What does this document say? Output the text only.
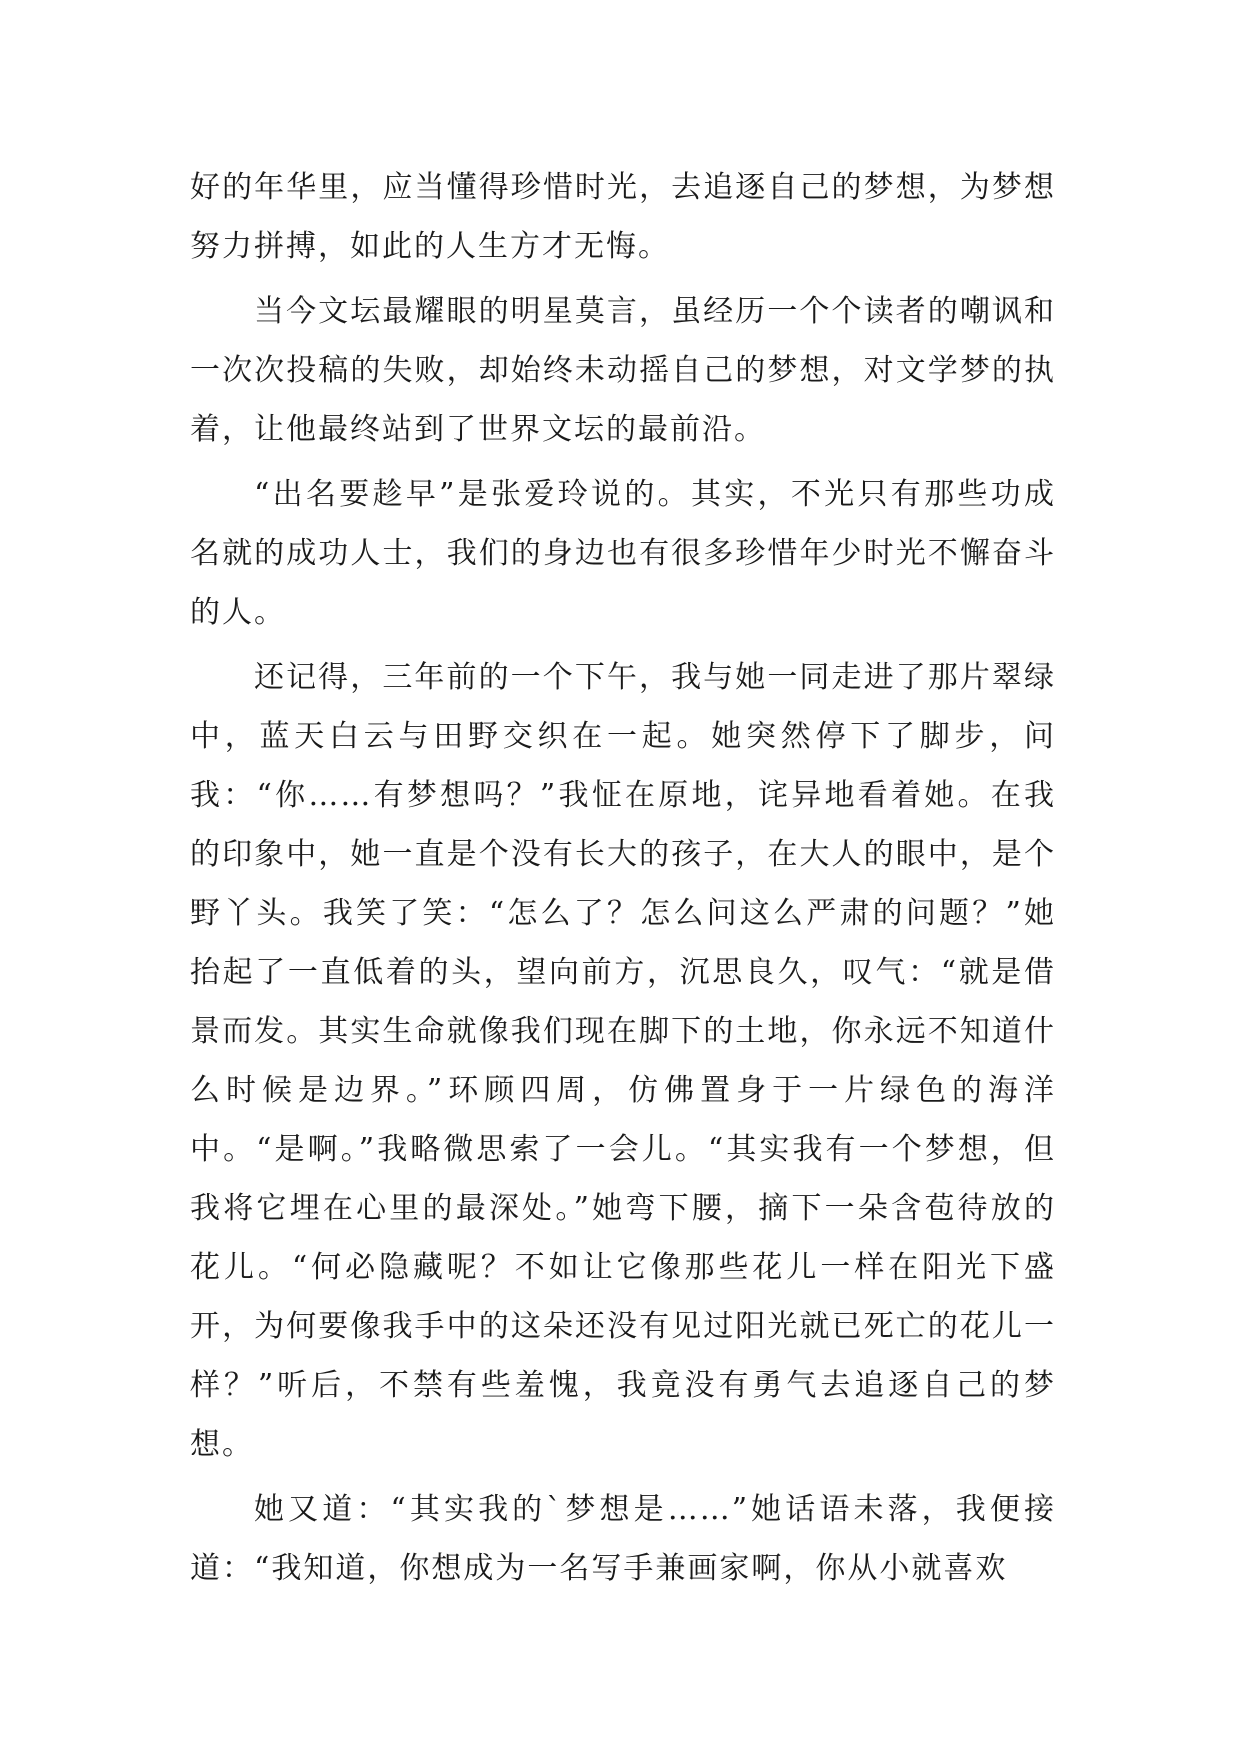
好的年华里，应当懂得珍惜时光，去追逐自己的梦想，为梦想努力拼搏，如此的人生方才无悔。

当今文坛最耀眼的明星莫言，虽经历一个个读者的嘲讽和一次次投稿的失败，却始终未动摇自己的梦想，对文学梦的执着，让他最终站到了世界文坛的最前沿。

“出名要趁早”是张爱玲说的。其实，不光只有那些功成名就的成功人士，我们的身边也有很多珍惜年少时光不懈奋斗的人。

还记得，三年前的一个下午，我与她一同走进了那片翠绿中，蓝天白云与田野交织在一起。她突然停下了脚步，问我：“你……有梦想吗？”我怔在原地，诧异地看着她。在我的印象中，她一直是个没有长大的孩子，在大人的眼中，是个野丫头。我笑了笑：“怎么了？怎么问这么严肃的问题？”她抬起了一直低着的头，望向前方，沉思良久，叹气：“就是借景而发。其实生命就像我们现在脚下的土地，你永远不知道什么时候是边界。”环顾四周，仿佛置身于一片绿色的海洋中。“是啊。”我略微思索了一会儿。“其实我有一个梦想，但我将它埋在心里的最深处。”她弯下腰，摘下一朵含苞待放的花儿。“何必隐藏呢？不如让它像那些花儿一样在阳光下盛开，为何要像我手中的这朵还没有见过阳光就已死亡的花儿一样？”听后，不禁有些羞愧，我竟没有勇气去追逐自己的梦想。

她又道：“其实我的`梦想是……”她话语未落，我便接道：“我知道，你想成为一名写手兼画家啊，你从小就喜欢
